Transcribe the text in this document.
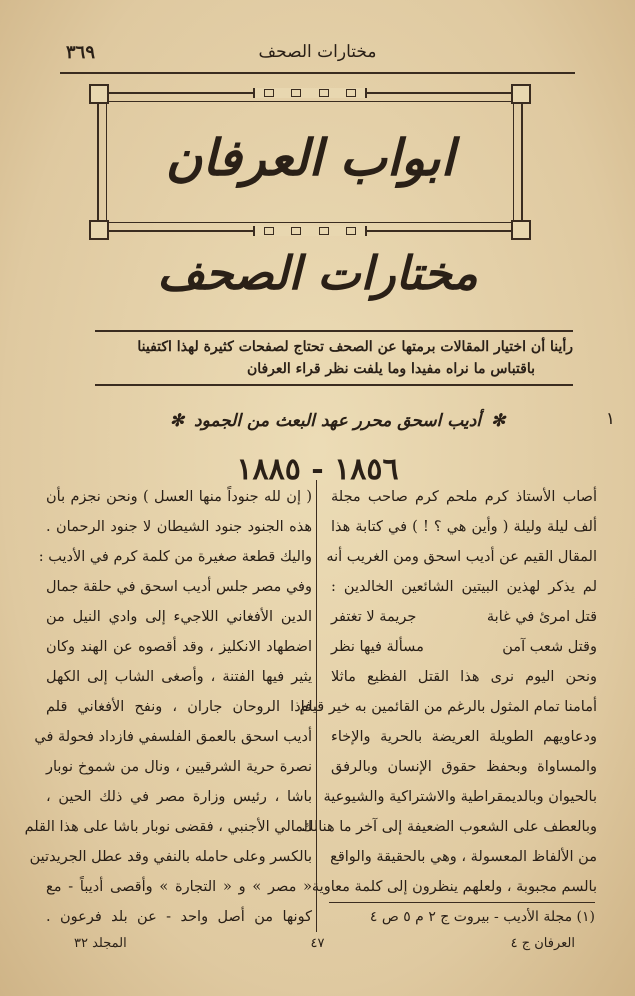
٣٦٩	مختارات الصحف
ابواب العرفان
مختارات الصحف
رأينا أن اختيار المقالات برمتها عن الصحف تحتاج لصفحات كثيرة لهذا اكتفينا
باقتباس ما نراه مفيدا وما يلفت نظر قراء العرفان
١
✻
أديب اسحق محرر عهد البعث من الجمود
✻
١٨٥٦ - ١٨٨٥
أصاب الأستاذ كرم ملحم كرم صاحب مجلة
ألف ليلة وليلة ( وأين هي ؟ ! ) في كتابة هذا
المقال القيم عن أديب اسحق ومن الغريب أنه
لم يذكر لهذين البيتين الشائعين الخالدين :
قتل امرئ في غابة
جريمة لا تغتفر
وقتل شعب آمن
مسألة فيها نظر
ونحن اليوم نرى هذا القتل الفظيع ماثلا
أمامنا تمام المثول بالرغم من القائمين به خير قيام
ودعاويهم الطويلة العريضة بالحرية والإخاء
والمساواة وبحفظ حقوق الإنسان وبالرفق
بالحيوان وبالديمقراطية والاشتراكية والشيوعية
وبالعطف على الشعوب الضعيفة إلى آخر ما هنالك
من الألفاظ المعسولة ، وهي بالحقيقة والواقع
بالسم مجبوبة ، ولعلهم ينظرون إلى كلمة معاوية
( إن لله جنوداً منها العسل ) ونحن نجزم بأن
هذه الجنود جنود الشيطان لا جنود الرحمان .
واليك قطعة صغيرة من كلمة كرم في الأديب :
وفي مصر جلس أديب اسحق في حلقة جمال
الدين الأفغاني اللاجيء إلى وادي النيل من
اضطهاد الانكليز ، وقد أقصوه عن الهند وكان
يثير فيها الفتنة ، وأصغى الشاب إلى الكهل
فإذا الروحان جاران ، ونفح الأفغاني قلم
أديب اسحق بالعمق الفلسفي فازداد فحولة في
نصرة حرية الشرقيين ، ونال من شموخ نوبار
باشا ، رئيس وزارة مصر في ذلك الحين ،
المالي الأجنبي ، فقضى نوبار باشا على هذا القلم
بالكسر وعلى حامله بالنفي وقد عطل الجريدتين
« مصر » و « التجارة » وأقصى أديباً - مع
كونها من أصل واحد - عن بلد فرعون .	(١) مجلة الأديب - بيروت ج ٢ م ٥ ص ٤
المجلد ٣٢	٤٧	العرفان ج ٤
